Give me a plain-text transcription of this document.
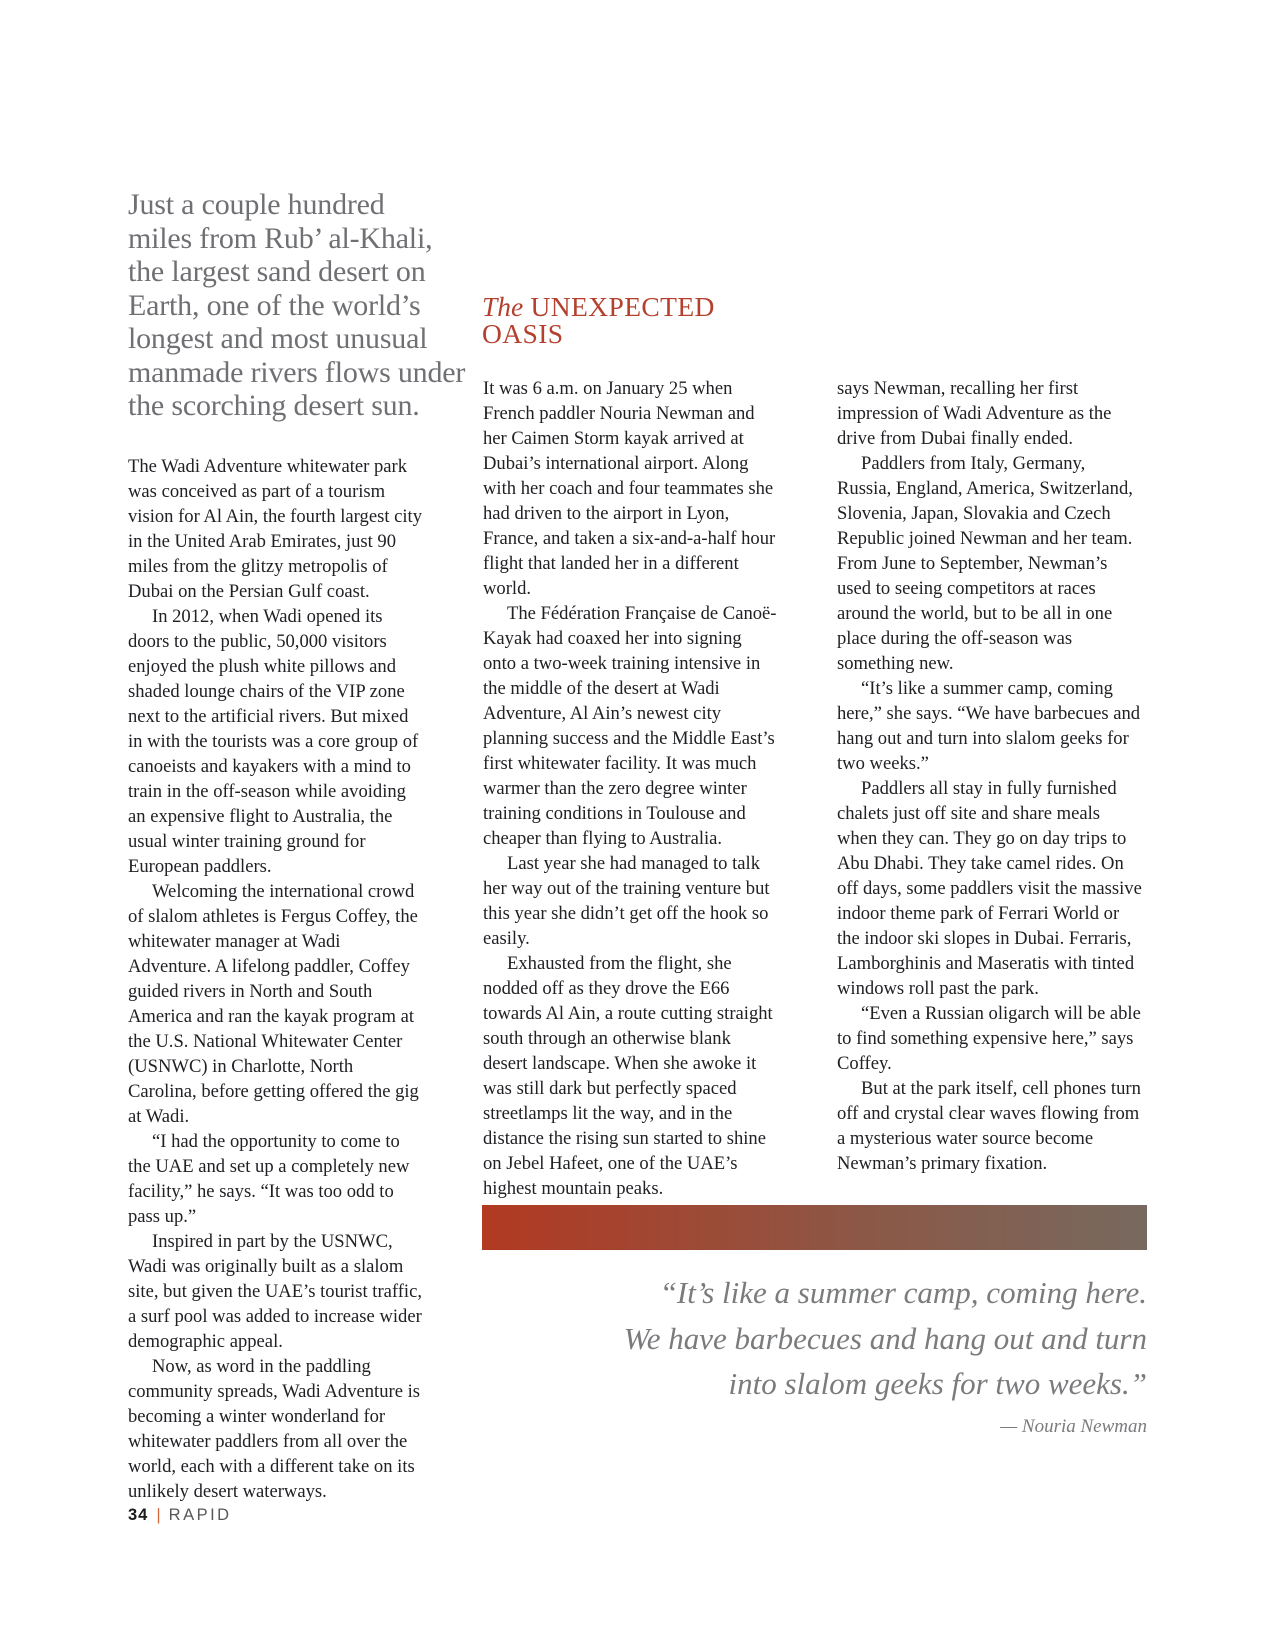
Just a couple hundred
miles from Rub’ al-Khali,
the largest sand desert on
Earth, one of the world’s
longest and most unusual
manmade rivers flows under
the scorching desert sun.
The UNEXPECTED
OASIS

The Wadi Adventure whitewater park was conceived as part of a tourism vision for Al Ain, the fourth largest city in the United Arab Emirates, just 90 miles from the glitzy metropolis of Dubai on the Persian Gulf coast.

In 2012, when Wadi opened its doors to the public, 50,000 visitors enjoyed the plush white pillows and shaded lounge chairs of the VIP zone next to the artificial rivers. But mixed in with the tourists was a core group of canoeists and kayakers with a mind to train in the off-season while avoiding an expensive flight to Australia, the usual winter training ground for European paddlers.

Welcoming the international crowd of slalom athletes is Fergus Coffey, the whitewater manager at Wadi Adventure. A lifelong paddler, Coffey guided rivers in North and South America and ran the kayak program at the U.S. National Whitewater Center (USNWC) in Charlotte, North Carolina, before getting offered the gig at Wadi.

“I had the opportunity to come to the UAE and set up a completely new facility,” he says. “It was too odd to pass up.”

Inspired in part by the USNWC, Wadi was originally built as a slalom site, but given the UAE’s tourist traffic, a surf pool was added to increase wider demographic appeal.

Now, as word in the paddling community spreads, Wadi Adventure is becoming a winter wonderland for whitewater paddlers from all over the world, each with a different take on its unlikely desert waterways.

It was 6 a.m. on January 25 when French paddler Nouria Newman and her Caimen Storm kayak arrived at Dubai’s international airport. Along with her coach and four teammates she had driven to the airport in Lyon, France, and taken a six-and-a-half hour flight that landed her in a different world.

The Fédération Française de Canoë-Kayak had coaxed her into signing onto a two-week training intensive in the middle of the desert at Wadi Adventure, Al Ain’s newest city planning success and the Middle East’s first whitewater facility. It was much warmer than the zero degree winter training conditions in Toulouse and cheaper than flying to Australia.

Last year she had managed to talk her way out of the training venture but this year she didn’t get off the hook so easily.

Exhausted from the flight, she nodded off as they drove the E66 towards Al Ain, a route cutting straight south through an otherwise blank desert landscape. When she awoke it was still dark but perfectly spaced streetlamps lit the way, and in the distance the rising sun started to shine on Jebel Hafeet, one of the UAE’s highest mountain peaks.

says Newman, recalling her first impression of Wadi Adventure as the drive from Dubai finally ended.

Paddlers from Italy, Germany, Russia, England, America, Switzerland, Slovenia, Japan, Slovakia and Czech Republic joined Newman and her team. From June to September, Newman’s used to seeing competitors at races around the world, but to be all in one place during the off-season was something new.

“It’s like a summer camp, coming here,” she says. “We have barbecues and hang out and turn into slalom geeks for two weeks.”

Paddlers all stay in fully furnished chalets just off site and share meals when they can. They go on day trips to Abu Dhabi. They take camel rides. On off days, some paddlers visit the massive indoor theme park of Ferrari World or the indoor ski slopes in Dubai. Ferraris, Lamborghinis and Maseratis with tinted windows roll past the park.

“Even a Russian oligarch will be able to find something expensive here,” says Coffey.

But at the park itself, cell phones turn off and crystal clear waves flowing from a mysterious water source become Newman’s primary fixation.

“It’s like a summer camp, coming here.
We have barbecues and hang out and turn
into slalom geeks for two weeks.”
— Nouria Newman
34 | RAPID
